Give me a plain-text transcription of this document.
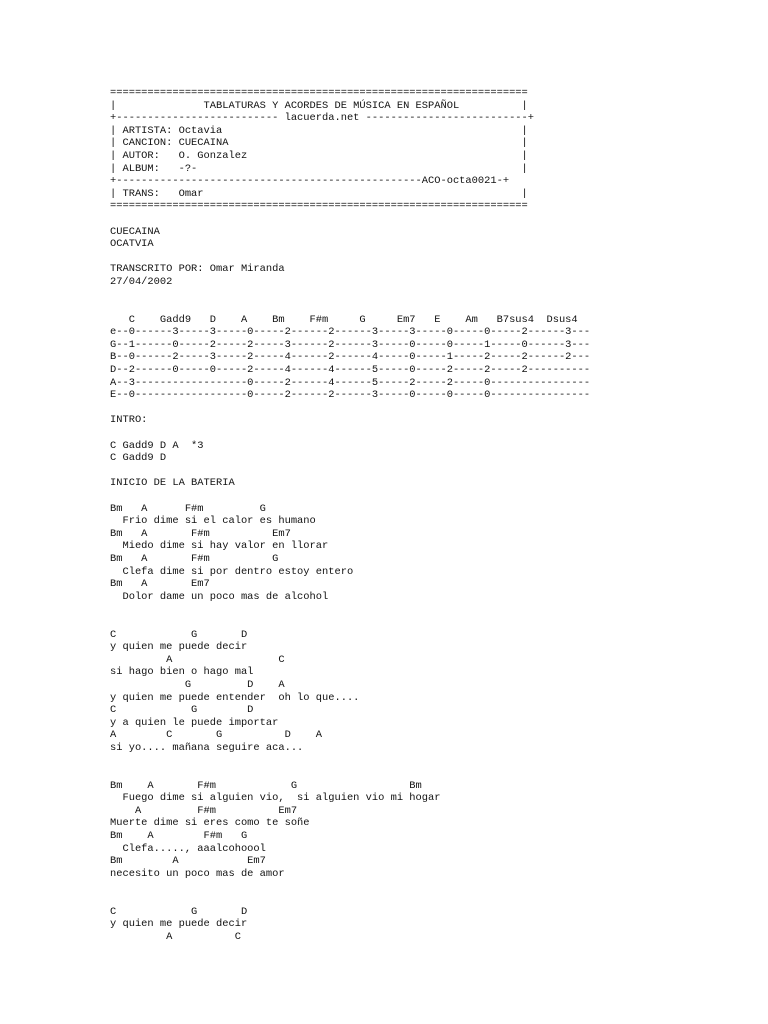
===================================================================
|              TABLATURAS Y ACORDES DE MÚSICA EN ESPAÑOL          |
+-------------------------- lacuerda.net --------------------------+
| ARTISTA: Octavia                                                |
| CANCION: CUECAINA                                               |
| AUTOR:   O. Gonzalez                                            |
| ALBUM:   -?-                                                    |
+-------------------------------------------------ACO-octa0021-+
| TRANS:   Omar                                                   |
===================================================================

CUECAINA
OCATVIA

TRANSCRITO POR: Omar Miranda
27/04/2002

C    Gadd9   D    A    Bm    F#m     G     Em7   E    Am   B7sus4  Dsus4
e--0------3-----3-----0-----2------2------3-----3-----0-----0-----2------3---
G--1------0-----2-----2-----3------2------3-----0-----0-----1-----0------3---
B--0------2-----3-----2-----4------2------4-----0-----1-----2-----2------2---
D--2------0-----0-----2-----4------4------5-----0-----2-----2-----2----------
A--3------------------0-----2------4------5-----2-----2-----0----------------
E--0------------------0-----2------2------3-----0-----0-----0----------------

INTRO:

C Gadd9 D A  *3
C Gadd9 D

INICIO DE LA BATERIA

Bm   A      F#m         G
Frio dime si el calor es humano
Bm   A       F#m          Em7
Miedo dime si hay valor en llorar
Bm   A       F#m          G
Clefa dime si por dentro estoy entero
Bm   A       Em7
Dolor dame un poco mas de alcohol

C            G       D
y quien me puede decir
A                 C
si hago bien o hago mal
G         D    A
y quien me puede entender  oh lo que....
C            G        D
y a quien le puede importar
A        C       G          D    A
si yo.... mañana seguire aca...

Bm    A       F#m            G                  Bm
Fuego dime si alguien vio,  si alguien vio mi hogar
A         F#m          Em7
Muerte dime si eres como te soñe
Bm    A        F#m   G
Clefa....., aaalcohoool
Bm        A           Em7
necesito un poco mas de amor

C            G       D
y quien me puede decir
A          C
